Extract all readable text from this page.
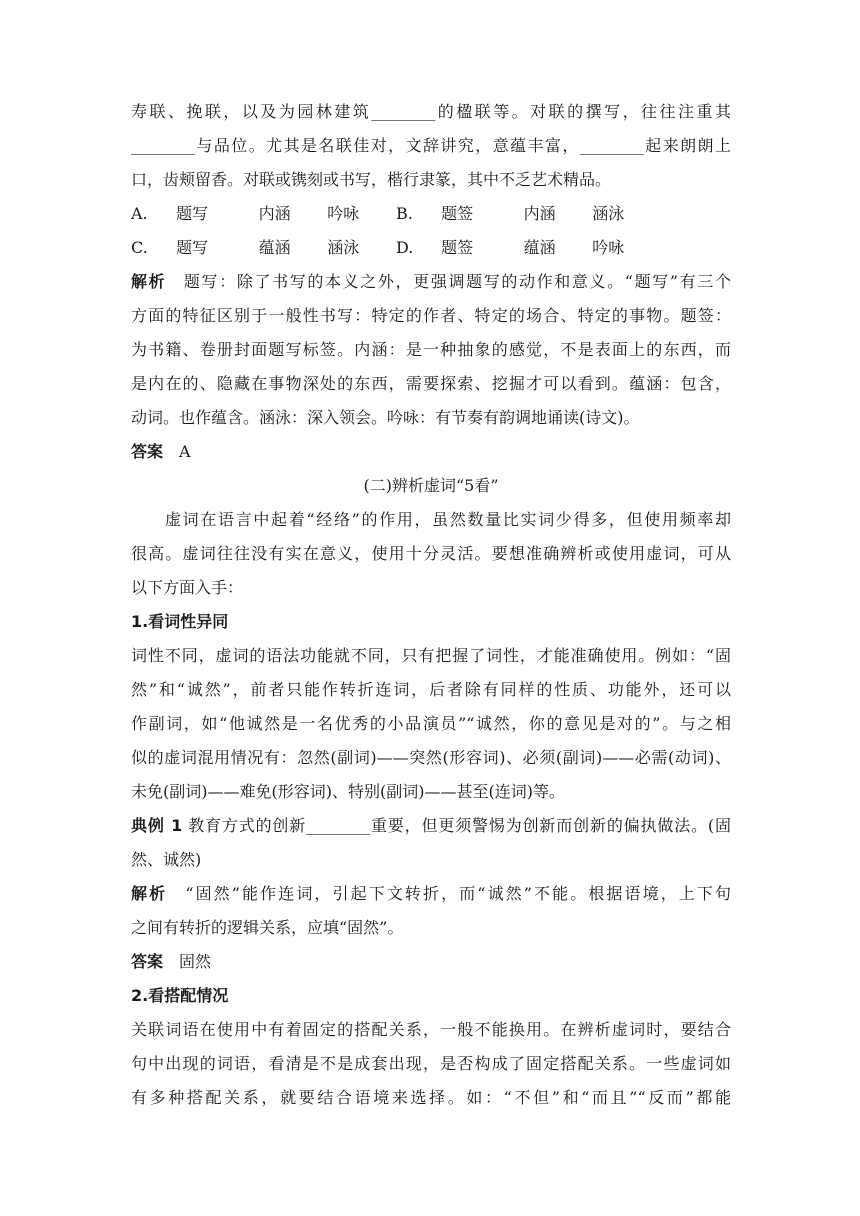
寿联、挽联，以及为园林建筑________的楹联等。对联的撰写，往往注重其
________与品位。尤其是名联佳对，文辞讲究，意蕴丰富，________起来朗朗上
口，齿颊留香。对联或镌刻或书写，楷行隶篆，其中不乏艺术精品。
A.	题写	内涵	吟咏	B.	题签	内涵	涵泳
C.	题写	蕴涵	涵泳	D.	题签	蕴涵	吟咏
解析　 题写：除了书写的本义之外，更强调题写的动作和意义。“题写”有三个
方面的特征区别于一般性书写：特定的作者、特定的场合、特定的事物。题签：
为书籍、卷册封面题写标签。内涵：是一种抽象的感觉，不是表面上的东西，而
是内在的、隐藏在事物深处的东西，需要探索、挖掘才可以看到。蕴涵：包含，
动词。也作蕴含。涵泳：深入领会。吟咏：有节奏有韵调地诵读(诗文)。
答案　 A
(二)辨析虚词“5看”
虚词在语言中起着“经络”的作用，虽然数量比实词少得多，但使用频率却
很高。虚词往往没有实在意义，使用十分灵活。要想准确辨析或使用虚词，可从
以下方面入手：
1.看词性异同
词性不同，虚词的语法功能就不同，只有把握了词性，才能准确使用。例如：“固
然”和“诚然”，前者只能作转折连词，后者除有同样的性质、功能外，还可以
作副词，如“他诚然是一名优秀的小品演员”“诚然，你的意见是对的”。与之相
似的虚词混用情况有：忽然(副词)——突然(形容词)、必须(副词)——必需(动词)、
未免(副词)——难免(形容词)、特别(副词)——甚至(连词)等。
典例 1 教育方式的创新________重要，但更须警惕为创新而创新的偏执做法。(固
然、诚然)
解析　 “固然”能作连词，引起下文转折，而“诚然”不能。根据语境，上下句
之间有转折的逻辑关系，应填“固然”。
答案　 固然
2.看搭配情况
关联词语在使用中有着固定的搭配关系，一般不能换用。在辨析虚词时，要结合
句中出现的词语，看清是不是成套出现，是否构成了固定搭配关系。一些虚词如
有多种搭配关系，就要结合语境来选择。如：“不但”和“而且”“反而”都能
